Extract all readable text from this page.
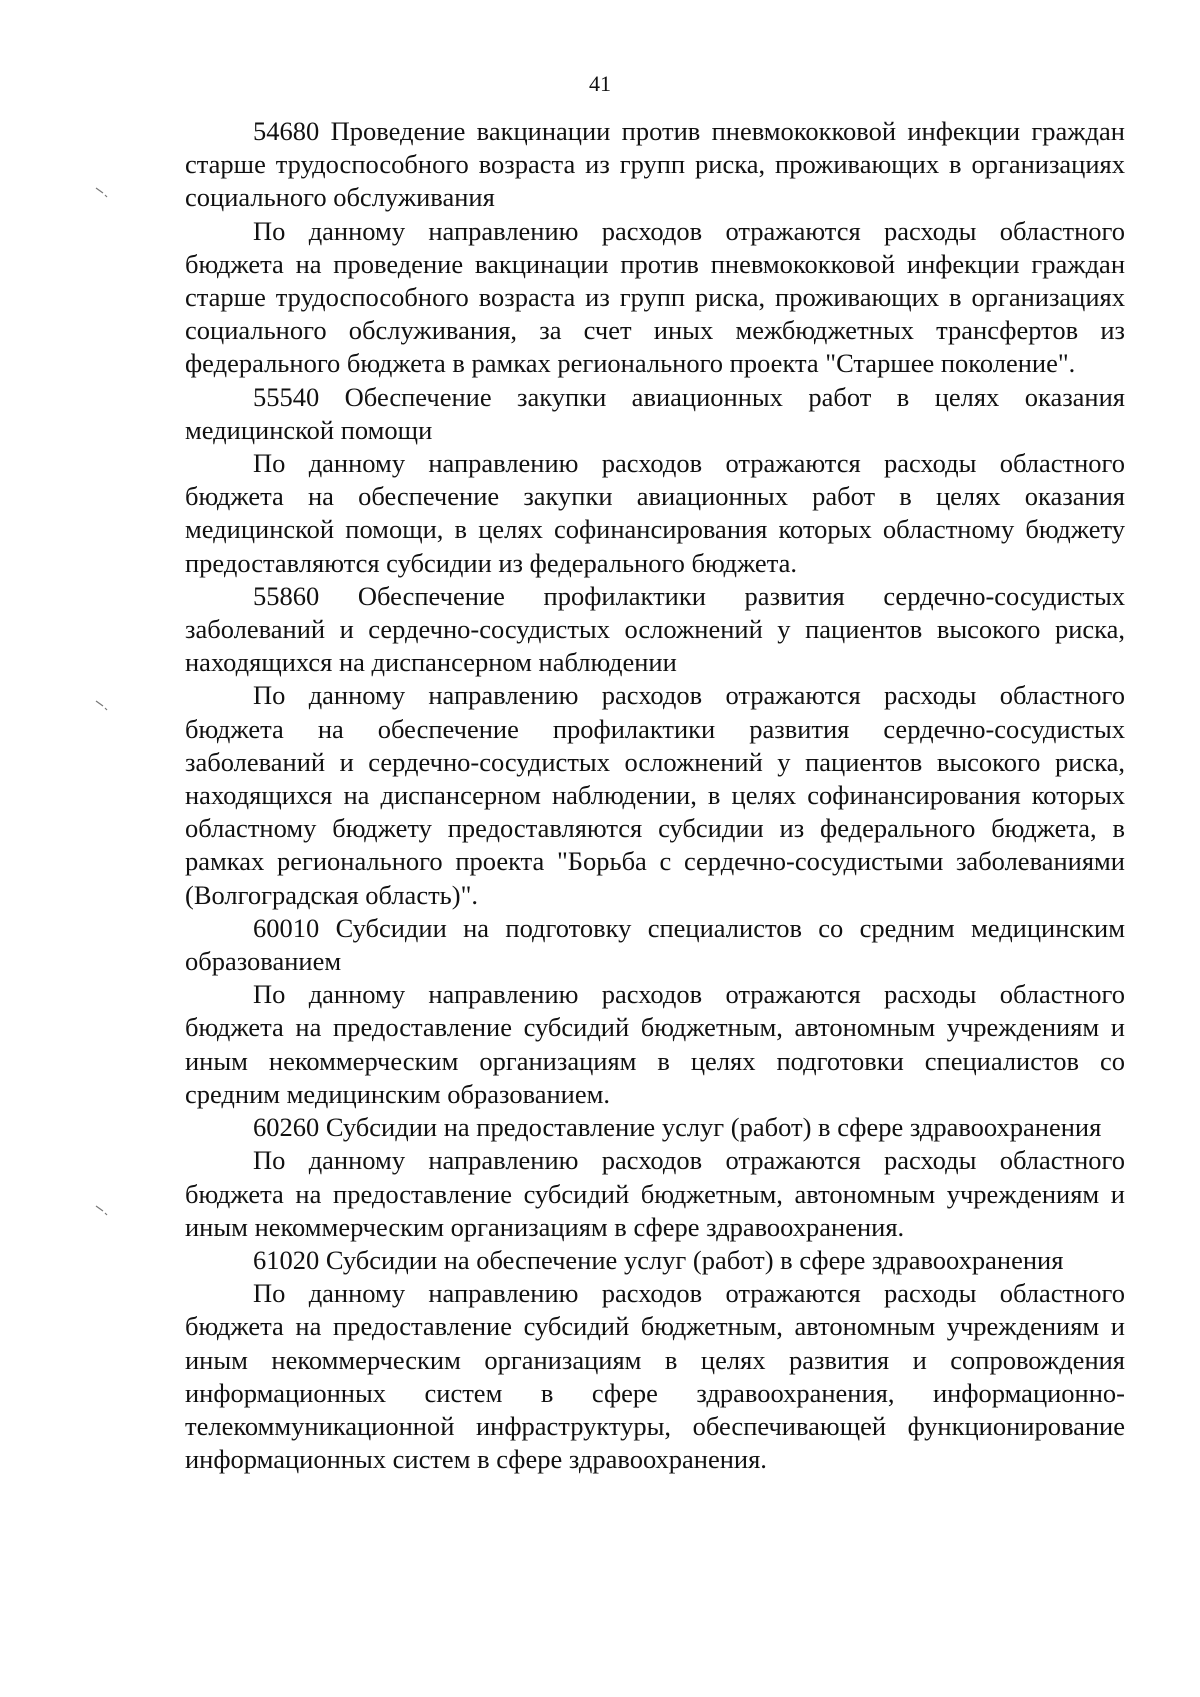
41

54680 Проведение вакцинации против пневмококковой инфекции граждан старше трудоспособного возраста из групп риска, проживающих в организациях социального обслуживания

По данному направлению расходов отражаются расходы областного бюджета на проведение вакцинации против пневмококковой инфекции граждан старше трудоспособного возраста из групп риска, проживающих в организациях социального обслуживания, за счет иных межбюджетных трансфертов из федерального бюджета в рамках регионального проекта "Старшее поколение".

55540 Обеспечение закупки авиационных работ в целях оказания медицинской помощи

По данному направлению расходов отражаются расходы областного бюджета на обеспечение закупки авиационных работ в целях оказания медицинской помощи, в целях софинансирования которых областному бюджету предоставляются субсидии из федерального бюджета.

55860 Обеспечение профилактики развития сердечно-сосудистых заболеваний и сердечно-сосудистых осложнений у пациентов высокого риска, находящихся на диспансерном наблюдении

По данному направлению расходов отражаются расходы областного бюджета на обеспечение профилактики развития сердечно-сосудистых заболеваний и сердечно-сосудистых осложнений у пациентов высокого риска, находящихся на диспансерном наблюдении, в целях софинансирования которых областному бюджету предоставляются субсидии из федерального бюджета, в рамках регионального проекта "Борьба с сердечно-сосудистыми заболеваниями (Волгоградская область)".

60010 Субсидии на подготовку специалистов со средним медицинским образованием

По данному направлению расходов отражаются расходы областного бюджета на предоставление субсидий бюджетным, автономным учреждениям и иным некоммерческим организациям в целях подготовки специалистов со средним медицинским образованием.

60260 Субсидии на предоставление услуг (работ) в сфере здравоохранения

По данному направлению расходов отражаются расходы областного бюджета на предоставление субсидий бюджетным, автономным учреждениям и иным некоммерческим организациям в сфере здравоохранения.

61020 Субсидии на обеспечение услуг (работ) в сфере здравоохранения

По данному направлению расходов отражаются расходы областного бюджета на предоставление субсидий бюджетным, автономным учреждениям и иным некоммерческим организациям в целях развития и сопровождения информационных систем в сфере здравоохранения, информационно-телекоммуникационной инфраструктуры, обеспечивающей функционирование информационных систем в сфере здравоохранения.
